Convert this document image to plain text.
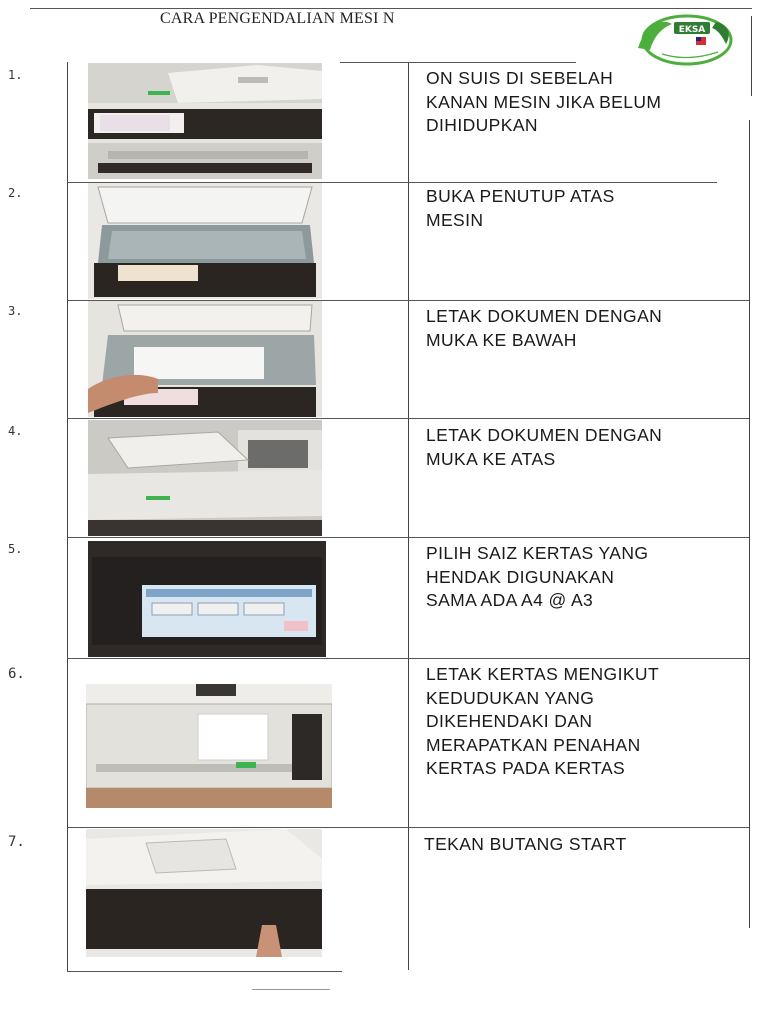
CARA PENGENDALIAN MESI N
EKSA
1.
2.
3.
4.
5.
6.
7.
ON SUIS DI SEBELAH
KANAN MESIN JIKA BELUM
DIHIDUPKAN
BUKA PENUTUP ATAS
MESIN
LETAK DOKUMEN DENGAN
MUKA KE BAWAH
LETAK DOKUMEN DENGAN
MUKA KE ATAS
PILIH SAIZ KERTAS YANG
HENDAK DIGUNAKAN
SAMA ADA A4 @ A3
LETAK KERTAS MENGIKUT
KEDUDUKAN YANG
DIKEHENDAKI DAN
MERAPATKAN PENAHAN
KERTAS PADA KERTAS
TEKAN BUTANG START
